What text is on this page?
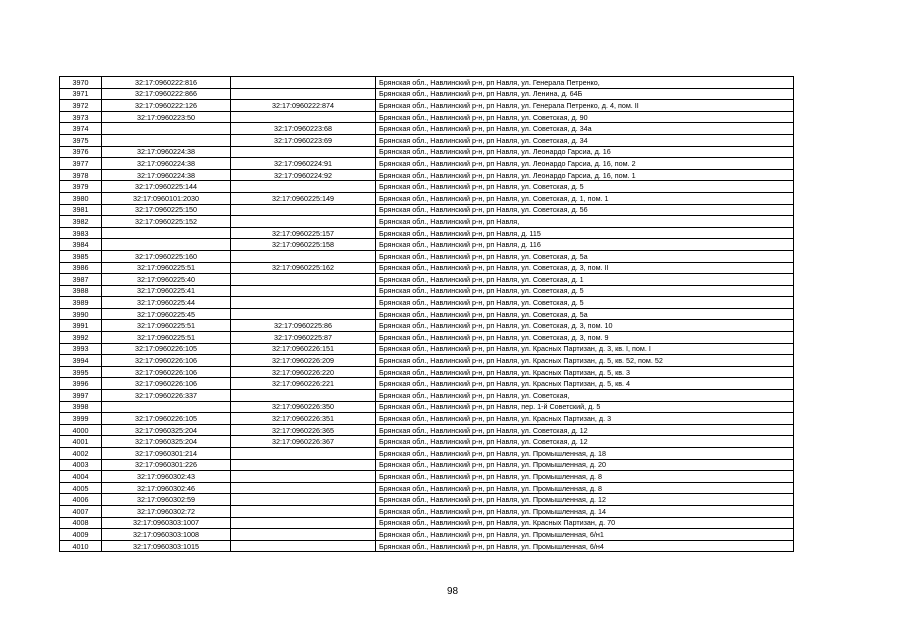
3970	32:17:0960222:816		Брянская обл., Навлинский р-н, рп Навля, ул. Генерала Петренко,
3971	32:17:0960222:866		Брянская обл., Навлинский р-н, рп Навля, ул. Ленина, д. 64Б
3972	32:17:0960222:126	32:17:0960222:874	Брянская обл., Навлинский р-н, рп Навля, ул. Генерала Петренко, д. 4, пом. II
3973	32:17:0960223:50		Брянская обл., Навлинский р-н, рп Навля, ул. Советская, д. 90
3974		32:17:0960223:68	Брянская обл., Навлинский р-н, рп Навля, ул. Советская, д. 34а
3975		32:17:0960223:69	Брянская обл., Навлинский р-н, рп Навля, ул. Советская, д. 34
3976	32:17:0960224:38		Брянская обл., Навлинский р-н, рп Навля, ул. Леонардо Гарсиа, д. 16
3977	32:17:0960224:38	32:17:0960224:91	Брянская обл., Навлинский р-н, рп Навля, ул. Леонардо Гарсиа, д. 16, пом. 2
3978	32:17:0960224:38	32:17:0960224:92	Брянская обл., Навлинский р-н, рп Навля, ул. Леонардо Гарсиа, д. 16, пом. 1
3979	32:17:0960225:144		Брянская обл., Навлинский р-н, рп Навля, ул. Советская, д. 5
3980	32:17:0960101:2030	32:17:0960225:149	Брянская обл., Навлинский р-н, рп Навля, ул. Советская, д. 1, пом. 1
3981	32:17:0960225:150		Брянская обл., Навлинский р-н, рп Навля, ул. Советская, д. 56
3982	32:17:0960225:152		Брянская обл., Навлинский р-н, рп Навля,
3983		32:17:0960225:157	Брянская обл., Навлинский р-н, рп Навля, д. 115
3984		32:17:0960225:158	Брянская обл., Навлинский р-н, рп Навля, д. 116
3985	32:17:0960225:160		Брянская обл., Навлинский р-н, рп Навля, ул. Советская, д. 5а
3986	32:17:0960225:51	32:17:0960225:162	Брянская обл., Навлинский р-н, рп Навля, ул. Советская, д. 3, пом. II
3987	32:17:0960225:40		Брянская обл., Навлинский р-н, рп Навля, ул. Советская, д. 1
3988	32:17:0960225:41		Брянская обл., Навлинский р-н, рп Навля, ул. Советская, д. 5
3989	32:17:0960225:44		Брянская обл., Навлинский р-н, рп Навля, ул. Советская, д. 5
3990	32:17:0960225:45		Брянская обл., Навлинский р-н, рп Навля, ул. Советская, д. 5а
3991	32:17:0960225:51	32:17:0960225:86	Брянская обл., Навлинский р-н, рп Навля, ул. Советская, д. 3, пом. 10
3992	32:17:0960225:51	32:17:0960225:87	Брянская обл., Навлинский р-н, рп Навля, ул. Советская, д. 3, пом. 9
3993	32:17:0960226:105	32:17:0960226:151	Брянская обл., Навлинский р-н, рп Навля, ул. Красных Партизан, д. 3, кв. I, пом. I
3994	32:17:0960226:106	32:17:0960226:209	Брянская обл., Навлинский р-н, рп Навля, ул. Красных Партизан, д. 5, кв. 52, пом. 52
3995	32:17:0960226:106	32:17:0960226:220	Брянская обл., Навлинский р-н, рп Навля, ул. Красных Партизан, д. 5, кв. 3
3996	32:17:0960226:106	32:17:0960226:221	Брянская обл., Навлинский р-н, рп Навля, ул. Красных Партизан, д. 5, кв. 4
3997	32:17:0960226:337		Брянская обл., Навлинский р-н, рп Навля, ул. Советская,
3998		32:17:0960226:350	Брянская обл., Навлинский р-н, рп Навля, пер. 1-й Советский, д. 5
3999	32:17:0960226:105	32:17:0960226:351	Брянская обл., Навлинский р-н, рп Навля, ул. Красных Партизан, д. 3
4000	32:17:0960325:204	32:17:0960226:365	Брянская обл., Навлинский р-н, рп Навля, ул. Советская, д. 12
4001	32:17:0960325:204	32:17:0960226:367	Брянская обл., Навлинский р-н, рп Навля, ул. Советская, д. 12
4002	32:17:0960301:214		Брянская обл., Навлинский р-н, рп Навля, ул. Промышленная, д. 18
4003	32:17:0960301:226		Брянская обл., Навлинский р-н, рп Навля, ул. Промышленная, д. 20
4004	32:17:0960302:43		Брянская обл., Навлинский р-н, рп Навля, ул. Промышленная, д. 8
4005	32:17:0960302:46		Брянская обл., Навлинский р-н, рп Навля, ул. Промышленная, д. 8
4006	32:17:0960302:59		Брянская обл., Навлинский р-н, рп Навля, ул. Промышленная, д. 12
4007	32:17:0960302:72		Брянская обл., Навлинский р-н, рп Навля, ул. Промышленная, д. 14
4008	32:17:0960303:1007		Брянская обл., Навлинский р-н, рп Навля, ул. Красных Партизан, д. 70
4009	32:17:0960303:1008		Брянская обл., Навлинский р-н, рп Навля, ул. Промышленная, 6/н1
4010	32:17:0960303:1015		Брянская обл., Навлинский р-н, рп Навля, ул. Промышленная, 6/н4
98
